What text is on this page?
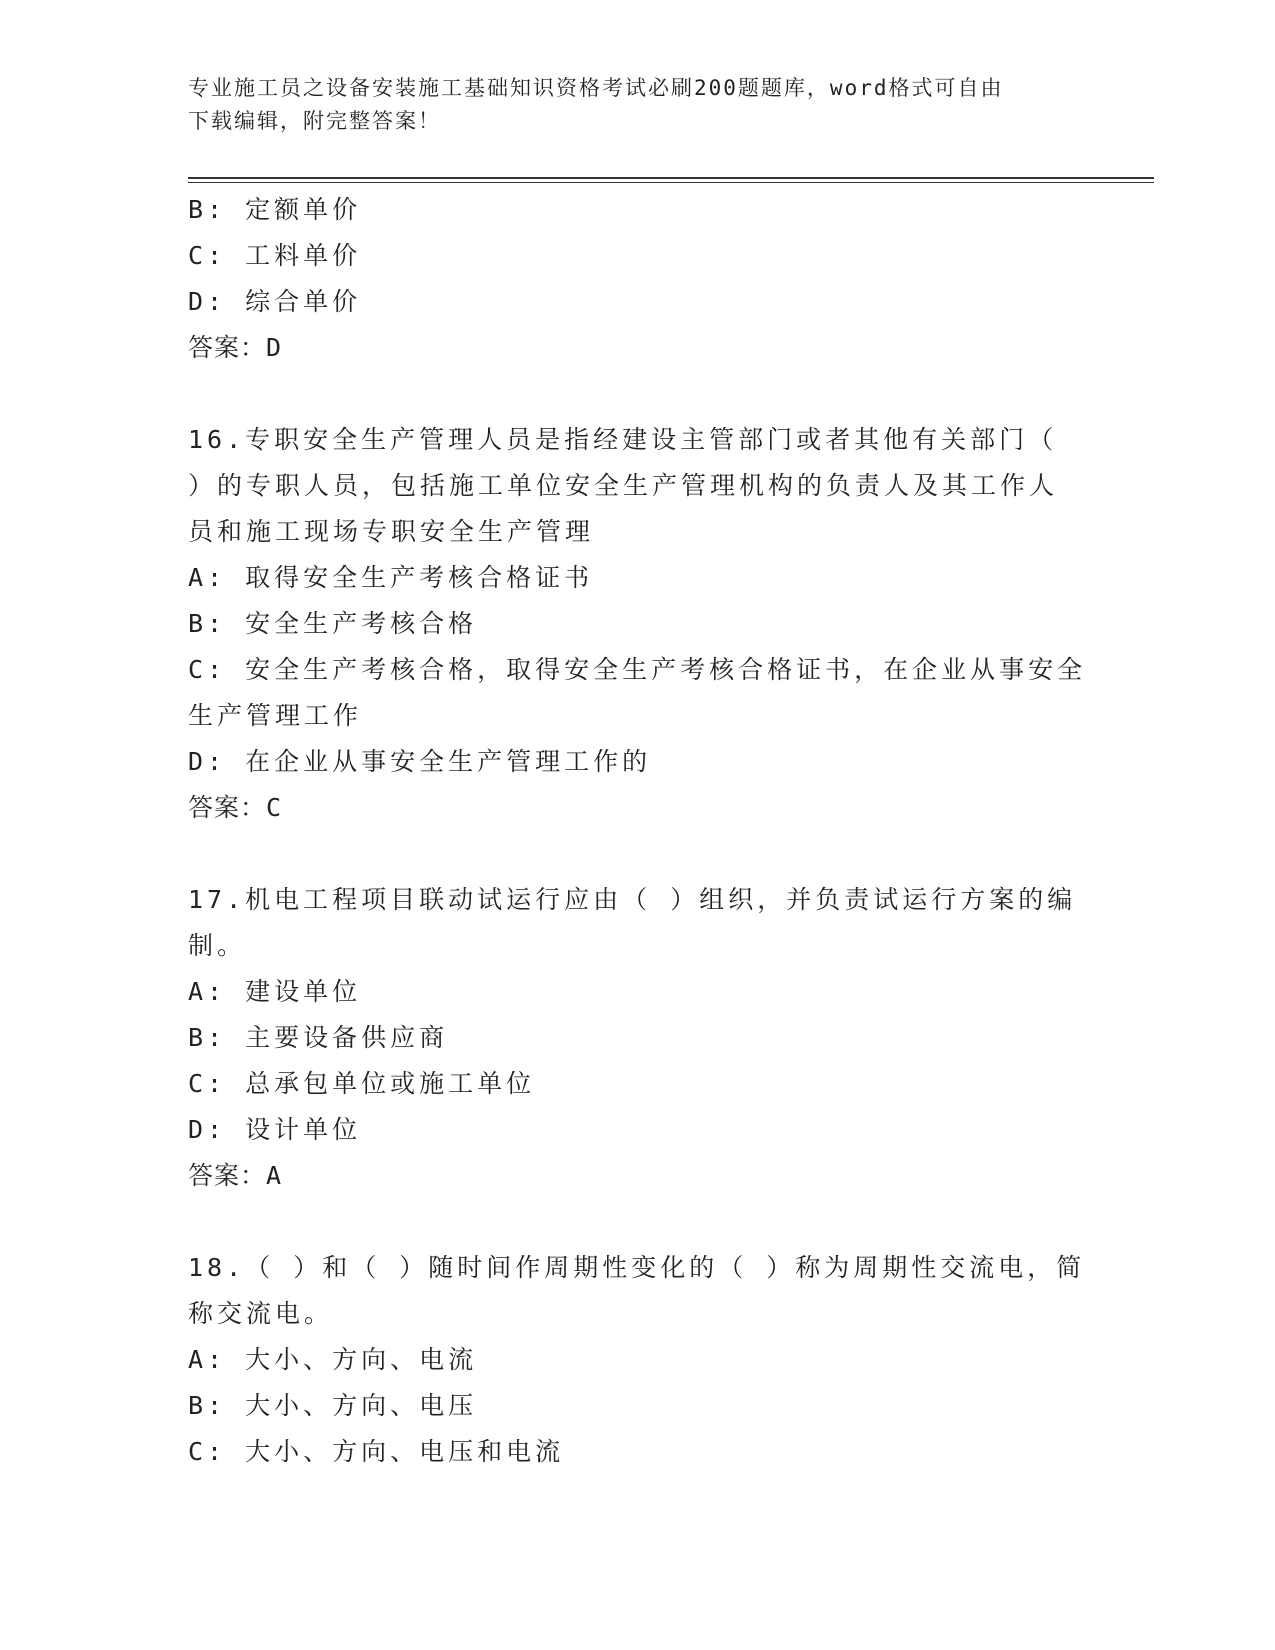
专业施工员之设备安装施工基础知识资格考试必刷200题题库，word格式可自由
下载编辑，附完整答案！
B: 定额单价
C: 工料单价
D: 综合单价
答案：D
16.专职安全生产管理人员是指经建设主管部门或者其他有关部门（
）的专职人员，包括施工单位安全生产管理机构的负责人及其工作人
员和施工现场专职安全生产管理
A: 取得安全生产考核合格证书
B: 安全生产考核合格
C: 安全生产考核合格，取得安全生产考核合格证书，在企业从事安全
生产管理工作
D: 在企业从事安全生产管理工作的
答案：C
17.机电工程项目联动试运行应由（ ）组织，并负责试运行方案的编
制。
A: 建设单位
B: 主要设备供应商
C: 总承包单位或施工单位
D: 设计单位
答案：A
18.（ ）和（ ）随时间作周期性变化的（ ）称为周期性交流电，简
称交流电。
A: 大小、方向、电流
B: 大小、方向、电压
C: 大小、方向、电压和电流
